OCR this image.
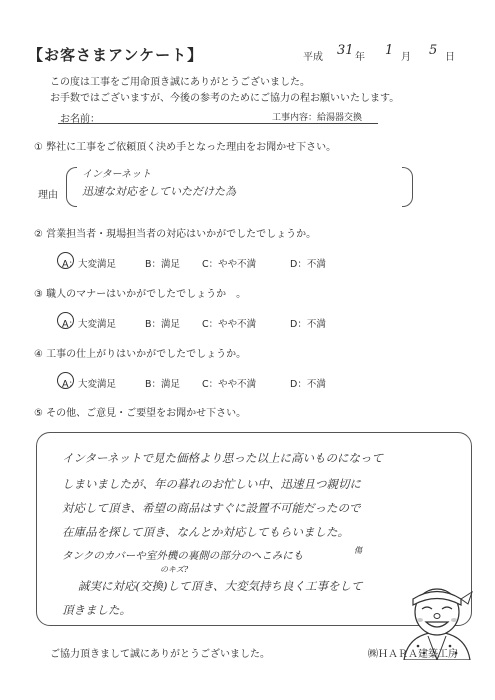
【お客さまアンケート】	平成 31 年 1 月 5 日
この度は工事をご用命頂き誠にありがとうございました。
お手数ではございますが、今後の参考のためにご協力の程お願いいたします。
お名前：	工事内容：給湯器交換
① 弊社に工事をご依頼頂く決め手となった理由をお聞かせ下さい。
理由
インターネット
迅速な対応をしていただけた為
② 営業担当者・現場担当者の対応はいかがでしたでしょうか。
A：大変満足	B：満足 C：やや不満	D：不満
③ 職人のマナーはいかがでしたでしょうか　。
A：大変満足	B：満足 C：やや不満	D：不満
④ 工事の仕上がりはいかがでしたでしょうか。
A：大変満足	B：満足 C：やや不満	D：不満
⑤ その他、ご意見・ご要望をお聞かせ下さい。
インターネットで見た価格より思った以上に高いものになって
しまいましたが、年の暮れのお忙しい中、迅速且つ親切に
対応して頂き、希望の商品はすぐに設置不可能だったので
在庫品を探して頂き、なんとか対応してもらいました。
タンクのカバーや室外機の裏側の部分のへこみにも	傷
のキズ?
誠実に対応(交換)して頂き、大変気持ち良く工事をして
頂きました。
ご協力頂きまして誠にありがとうございました。	㈱ＨＡＲＡ建築工房
